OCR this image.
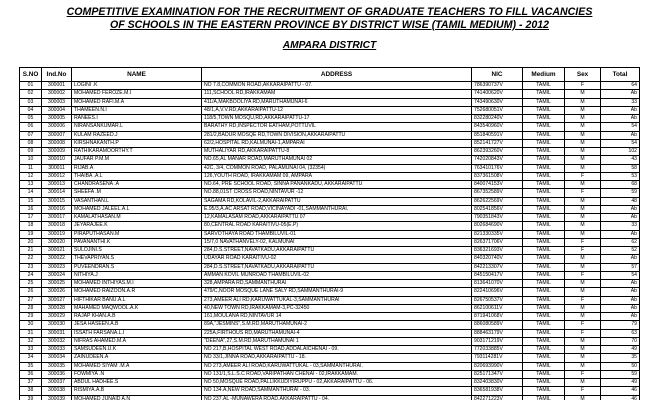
COMPETITIVE EXAMINATION FOR THE RECRUITMENT OF GRADUATE TEACHERS TO FILL VACANCIES
OF SCHOOLS IN THE EASTERN PROVINCE BY DISTRICT WISE (TAMIL MEDIUM) - 2012
AMPARA DISTRICT
S.NO	Ind.No	NAME	ADDRESS	NIC	Medium	Sex	Total
01	300001	LOGINI .K	NO 7.8,COMMON ROAD,AKKARAIPATTU - 07.	786390737V	TAMIL	F	64
02	300002	MOHAMED FEROZE.M.I	111,SCHOOL RD,IRAKKAMAM	741400620V	TAMIL	M	Ab
03	300003	MOHAMED RAFI.M.A	411/A,MAKBOOLIYA RD,MARUTHAMUNAI-6	743490630V	TAMIL	M	33
04	300004	THAMEEN.N.I	48/1,A,V.V.RD,AKKARAIPATTU-12	752680051V	TAMIL	M	Ab
05	300005	RANEES.I	118/5,TOWN MOSQU,RD,AKKARAIPATTU-17	832280240V	TAMIL	M	Ab
06	300006	NIRANSANKUMAR.L	BARATHY RD,INSPECTOR EATHAM,POTTUVIL	843540960V	TAMIL	M	54
07	300007	KULAM RAZEED.J	281/2,BADUR MOSQE RD,TOWN DIVISION,AKKARAIPATTU	851840591V	TAMIL	M	Ab
08	300008	KIRSHNAKANTH.P	62/2,HOSPITAL RD,KALMUNAI-1,AMPARAI	852141727V	TAMIL	M	54
09	300009	RATHIKARAMOORTHY.T	MUTHALIYAR RD,AKKARAIPATTU-8	862393260V	TAMIL	M	102
10	300010	JAUFAR P.M.M	NO.65,AL MANAR ROAD,MARUTHAMUNAI 02	742020843V	TAMIL	M	43
11	300011	RIJAB.A	42C, 3/4, COMMON ROAD, PALAMUNAI 04, (32354)	763410176V	TAMIL	M	58
12	300012	THAIBA .A.L	126,YOUTH ROAD, IRAKKAMAM 09, AMPARA	837361508V	TAMIL	F	53
13	300013	CHANDRASENA .A	NO.64, PRE SCHOOL ROAD, SINNA PANANKADU, AKKARAIPATTU	840074153V	TAMIL	M	68
14	300014	SHEEFA .M	NO.88,01ST CROSS ROAD,NINTAVUR -12	867352589V	TAMIL	F	59
15	300015	VASANTHAN.L	SAGAMA RD,KOLAVIL-2,AKKARAIPATTU	862622569V	TAMIL	M	48
16	300016	MOHAMED JALEEL.A.L	E.95/3,A.AC ARSAT ROAD,VICINAYADI -01,SAMMANTHURAI.	802541856V	TAMIL	M	Ab
17	300017	KAMALATHASAN.M	12,KAMALASAM ROAD,AKKARAIPATTU 07	790351843V	TAMIL	M	Ab
18	300018	JEYARAJEE.K	80,CENTRAL ROAD KARAITIVU-05(E.P)	802684690V	TAMIL	M	33
19	300019	PIRAPUTHASAN.M	SARVOTHAYA ROAD THAMBILUVIL-01	821330335V	TAMIL	M	Ab
20	300020	PAVANANTHI.K	15/7,0 NAVATHANVELY-02, KALMUNAI	826371706V	TAMIL	F	62
21	300021	SULOJINI.S	284,D.S.STREET,NAVATKADU,AKKARAIPATTU	836321693V	TAMIL	F	52
22	300022	THEVAPRIYAN.S	UDAYAR ROAD KARAITIVU-02	840320740V	TAMIL	M	Ab
23	300023	PUVEENDRAN.S	284,D.S.STREET,NAVATKADU,AKKARAIPATTU	842213307V	TAMIL	M	57
24	300024	NITHIYA.J	AMMAN KOVIL MUNROAD THAMBILUVIL-02	845150417V	TAMIL	F	54
25	300025	MOHAMED INTHIYAS.M.I	328,AMPARA RD,SAMMANTHURAI	813641070V	TAMIL	M	Ab
26	300026	MOHAMED RAIZOON.A.R	479/C,NOOR MOSQUE LANE SALY RD,SAMMANTHURAI-9	822410696V	TAMIL	M	Ab
27	300027	HIFTHIKAR BANU.A.L	273,AMEER ALI RD,KARUWATTUKAL-3,SAMMANTHURAI	826750537V	TAMIL	F	Ab
28	300028	MAHAMED MAQWOOL.A.K	40,NEW TOWN RD,IRAKKAMAM-3,PC-32450	862100611V	TAMIL	M	Ab
29	300029	RAJAP KHAN.A.B	161,MOULANA RD,NINTAVUR 14	871941068V	TAMIL	M	Ab
30	300030	JESA HASEEN.A.B	89A,"JESMINS",S.M.RD,MARUTHAMUNAI-2	886080589V	TAMIL	F	79
31	300031	ISSATH FARSANA.L.I	225A,FIRTHOUS RD,MARUTHAMUNAI-4	888463179V	TAMIL	F	63
32	300032	NIFRAS AHAMED.M.A	"DEENA",27,S.M.RD,MARUTHAMUNAI 1	903171219V	TAMIL	M	70
33	300033	SAMSUDEEN.U.K	NO 217,B,HOSPITAL WEST ROAD,ADDALAICHENAI - 09.	772033885V	TAMIL	M	49
34	300034	ZAINUDEEN.A	NO 33/1,JINNA ROAD,AKKARAIPATTU - 18.	793114281V	TAMIL	M	35
35	300035	MOHAMED SIYAM .M.A	NO 273,AMEER ALI ROAD,KARUWATTUKAL - 03,SAMMANTHURAI.	820693990V	TAMIL	M	50
36	300036	FOWMIYA .N	NO 131/1,S.L.S.C ROAD,VARIPATHAN CHENAI - 02,IRAKKAMAM.	825171347V	TAMIL	F	59
37	300037	ABDUL HADHEE.S	NO 50,MOSQUE ROAD,PALLIKKUDIYIRUPPU - 02,AKKARAIPATTU - 06.	832403830V	TAMIL	M	49
38	300038	RISMIYA.A.B	NO 134.A,NEW ROAD,SAMMANTHURAI - 03.	836581938V	TAMIL	F	46
39	300039	MOHAMED JUNAID A.N	NO 237,AL -MUNAWERA ROAD,AKKARAIPATTU - 04.	842271223V	TAMIL	M	46
